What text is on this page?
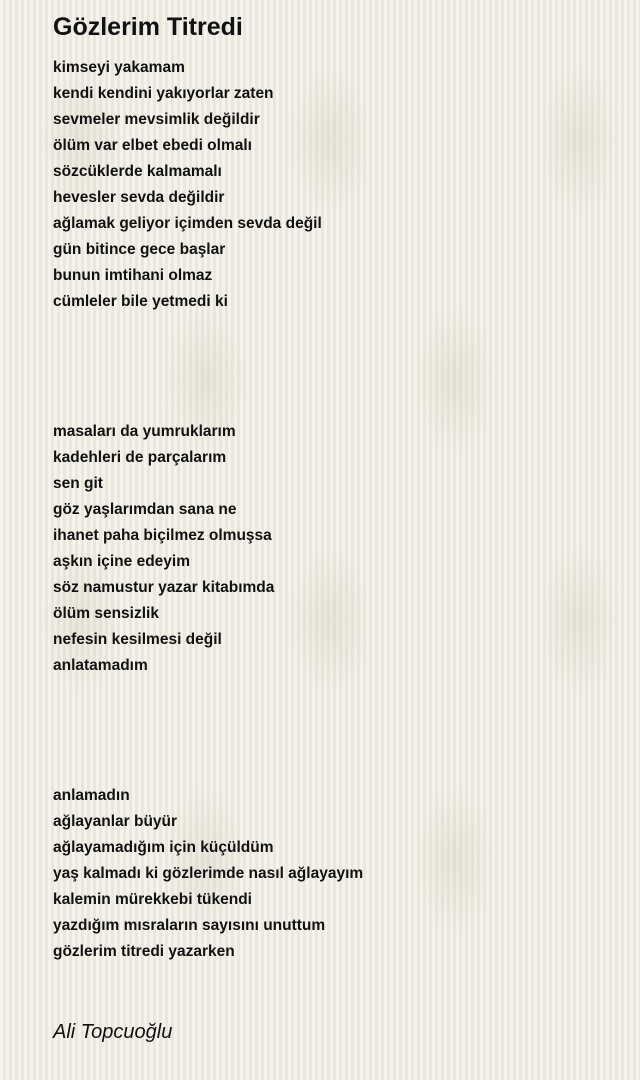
Gözlerim Titredi

kimseyi yakamam
kendi kendini yakıyorlar zaten
sevmeler mevsimlik değildir
ölüm var elbet ebedi olmalı
sözcüklerde kalmamalı
hevesler sevda değildir
ağlamak geliyor içimden sevda değil
gün bitince gece başlar
bunun imtihani olmaz
cümleler bile yetmedi ki

masaları da yumruklarım
kadehleri de parçalarım
sen git
göz yaşlarımdan sana ne
ihanet paha biçilmez olmuşsa
aşkın içine edeyim
söz namustur yazar kitabımda
ölüm sensizlik
nefesin kesilmesi değil
anlatamadım

anlamadın
ağlayanlar büyür
ağlayamadığım için küçüldüm
yaş kalmadı ki gözlerimde nasıl ağlayayım
kalemin mürekkebi tükendi
yazdığım mısraların sayısını unuttum
gözlerim titredi yazarken

Ali Topcuoğlu
